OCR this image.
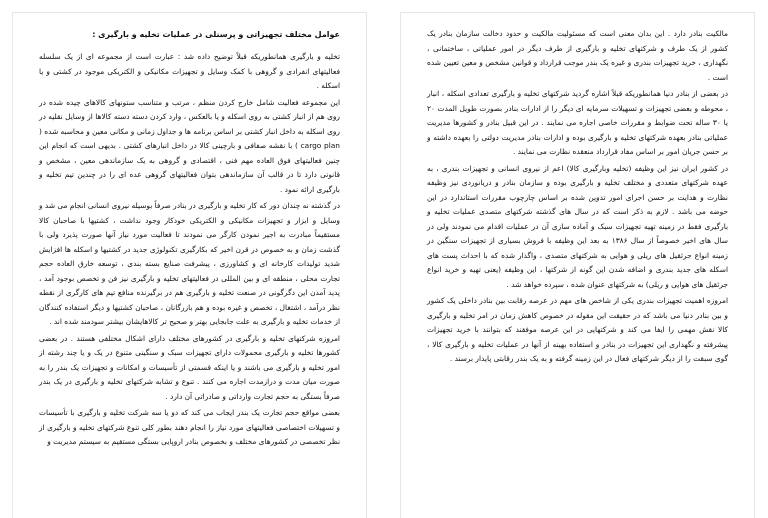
عوامل مختلف تجهیزاتی و پرسنلی در عملیات تخلیه و بارگیری :

تخلیه و بارگیری همانطوریکه قبلاً توضیح داده شد : عبارت است از مجموعه ای از یک سلسله فعالیتهای انفرادی و گروهی با کمک وسایل و تجهیزات مکانیکی و الکتریکی موجود در کشتی و یا اسکله .

این مجموعه فعالیت شامل خارج کردن منظم ، مرتب و متناسب ستونهای کالاهای چیده شده در روی هم از انبار کشتی به روی اسکله و یا بالعکس ، وارد کردن دسته دسته کالاها از وسایل نقلیه در روی اسکله به داخل انبار کشتی بر اساس برنامه ها و جداول زمانی و مکانی معین و محاسبه شده ( cargo plan ) با نقشه صفافی و بارچینی کالا در داخل انبارهای کشتی . بدیهی است که انجام این چنین فعالیتهای فوق العاده مهم فنی ، اقتصادی و گروهی به یک سازماندهی معین ، مشخص و قانونی دارد تا در قالب آن سازماندهی بتوان فعالیتهای گروهی عده ای را در چندین تیم تخلیه و بارگیری ارائه نمود .

در گذشته نه چندان دور که کار تخلیه و بارگیری در بنادر صرفاً بوسیله نیروی انسانی انجام می شد و وسایل و ابزار و تجهیزات مکانیکی و الکتریکی خودکار وجود نداشت ، کشتیها با صاحبان کالا مستقیماً مبادرت به اجیر نمودن کارگر می نمودند تا فعالیت مورد نیاز آنها صورت پذیرد ولی با گذشت زمان و به خصوص در قرن اخیر که بکارگیری تکنولوژی جدید در کشتیها و اسکله ها افزایش شدید تولیدات کارخانه ای و کشاورزی ، پیشرفت صنایع بسته بندی ، توسعه خارق العاده حجم تجارت محلی ، منطقه ای و بین المللی در فعالیتهای تخلیه و بارگیری نیز فن و تخصص بوجود آمد ، پدید آمدن این دگرگونی در صنعت تخلیه و بارگیری هم در برگیرنده منافع تیم های کارگری از نقطه نظر درآمد ، اشتغال ، تخصص و غیره بوده و هم بازرگانان ، صاحبان کشتیها و دیگر استفاده کنندگان از خدمات تخلیه و بارگیری به علت جابجایی بهتر و صحیح تر کالاهایشان بیشتر سودمند شده اند .

امروزه شرکتهای تخلیه و بارگیری در کشورهای مختلف دارای اشکال مختلفی هستند . در بعضی کشورها تخلیه و بارگیری محمولات دارای تجهیزات سبک و سنگینی متنوع در یک و یا چند رشته از امور تخلیه و بارگیری می باشند و یا اینکه قسمتی از تأسیسات و امکانات و تجهیزات یک بندر را به صورت میان مدت و درازمدت اجاره می کنند . تنوع و تشابه شرکتهای تخلیه و بارگیری در یک بندر صرفاً بستگی به حجم تجارت وارداتی و صادراتی آن دارد .

بعضی مواقع حجم تجارت یک بندر ایجاب می کند که دو یا سه شرکت تخلیه و بارگیری با تأسیسات و تسهیلات اختصاصی فعالیتهای مورد نیاز را انجام دهند بطور کلی تنوع شرکتهای تخلیه و بارگیری از نظر تخصصی در کشورهای مختلف و بخصوص بنادر اروپایی بستگی مستقیم به سیستم مدیریت و

مالکیت بنادر دارد . این بدان معنی است که مسئولیت مالکیت و حدود دخالت سازمان بنادر یک کشور از یک طرف و شرکتهای تخلیه و بارگیری از طرف دیگر در امور عملیاتی ، ساختمانی ، نگهداری ، خرید تجهیزات بندری و غیره یک بندر موجب قرارداد و قوانین مشخص و معین تعیین شده است .

در بعضی از بنادر دنیا همانطوریکه قبلاً اشاره گردید شرکتهای تخلیه و بارگیری تعدادی اسکله ، انبار ، محوطه و بعضی تجهیزات و تسهیلات سرمایه ای دیگر را از ادارات بنادر بصورت طویل المدت ۲۰ یا ۳۰ ساله تحت ضوابط و مقررات خاصی اجاره می نمایند . در این قبیل بنادر و کشورها مدیریت عملیاتی بنادر بعهده شرکتهای تخلیه و بارگیری بوده و ادارات بنادر مدیریت دولتی را بعهده داشته و بر حسن جریان امور بر اساس مفاد قرارداد منعقده نظارت می نمایند .

در کشور ایران نیز این وظیفه (تخلیه وبارگیری کالا) اعم از نیروی انسانی و تجهیزات بندری ، به عهده شرکتهای متعددی و مختلف تخلیه و بارگیری بوده و سازمان بنادر و دریانوردی نیز وظیفه نظارت و هدایت بر حسن اجرای امور تدوین شده بر اساس چارچوب مقررات استاندارد در این حوضه می باشد . لازم به ذکر است که در سال های گذشته شرکتهای متصدی عملیات تخلیه و بارگیری فقط در زمینه تهیه تجهیزات سبک و آماده سازی آن در عملیات اقدام می نمودند ولی در سال های اخیر خصوصاً از سال ۱۳۸۶ به بعد این وظیفه با فروش بسیاری از تجهیزات سنگین در زمینه انواع جرثقیل های ریلی و هوایی به شرکتهای متصدی ، واگذار شده که با احداث پست های اسکله های جدید بندری و اضافه شدن این گونه از شرکتها ، این وظیفه (یعنی تهیه و خرید انواع جرثقیل های هوایی و ریلی) به شرکتهای عنوان شده ، سپرده خواهد شد .

امروزه اهمیت تجهیزات بندری یکی از شاخص های مهم در عرصه رقابت بین بنادر داخلی یک کشور و بین بنادر دنیا می باشد که در حقیقت این مقوله در خصوص کاهش زمان در امر تخلیه و بارگیری کالا نقش مهمی را ایفا می کند و شرکتهایی در این عرصه موفقند که بتوانند با خرید تجهیزات پیشرفته و نگهداری این تجهیزات در بنادر و استفاده بهینه از آنها در عملیات تخلیه و بارگیری کالا ، گوی سبقت را از دیگر شرکتهای فعال در این زمینه گرفته و به یک بندر رقابتی پایدار برسند .
